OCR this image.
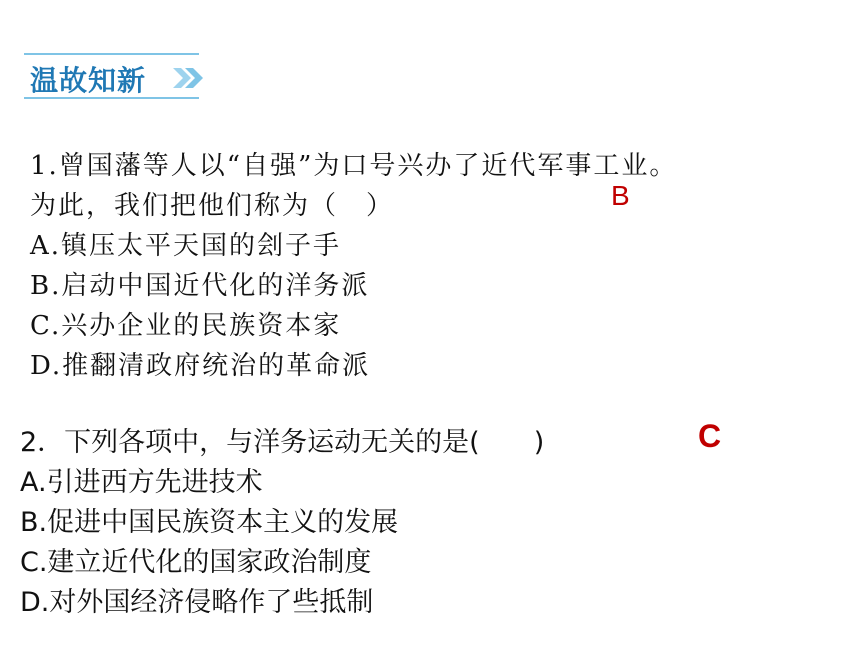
温故知新
1.曾国藩等人以“自强”为口号兴办了近代军事工业。
为此，我们把他们称为（　）
A.镇压太平天国的刽子手
B.启动中国近代化的洋务派
C.兴办企业的民族资本家
D.推翻清政府统治的革命派
B
2．下列各项中，与洋务运动无关的是(　　)
A.引进西方先进技术
B.促进中国民族资本主义的发展
C.建立近代化的国家政治制度
D.对外国经济侵略作了些抵制
C
